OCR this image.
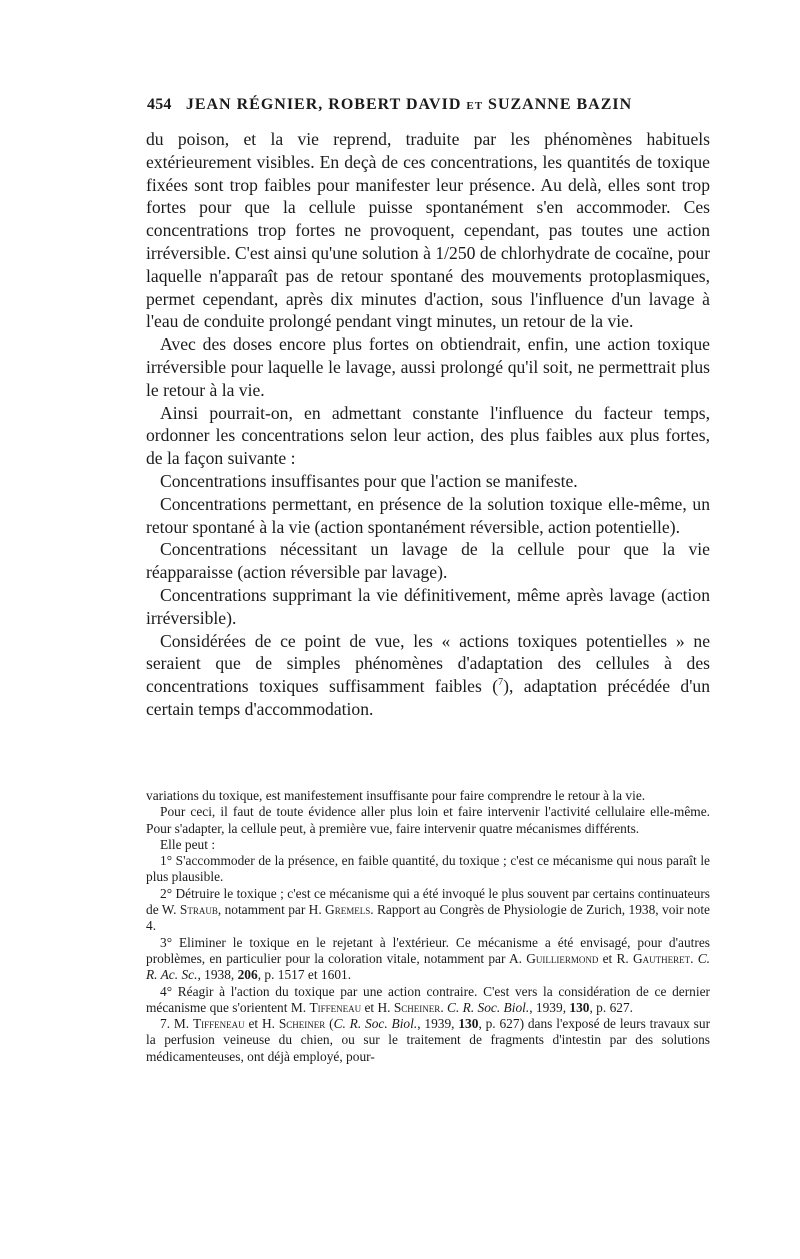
454 JEAN RÉGNIER, ROBERT DAVID et SUZANNE BAZIN

du poison, et la vie reprend, traduite par les phénomènes habituels extérieurement visibles. En deçà de ces concentrations, les quantités de toxique fixées sont trop faibles pour manifester leur présence. Au delà, elles sont trop fortes pour que la cellule puisse spontanément s'en accommoder. Ces concentrations trop fortes ne provoquent, cependant, pas toutes une action irréversible. C'est ainsi qu'une solution à 1/250 de chlorhydrate de cocaïne, pour laquelle n'apparaît pas de retour spontané des mouvements protoplasmiques, permet cependant, après dix minutes d'action, sous l'influence d'un lavage à l'eau de conduite prolongé pendant vingt minutes, un retour de la vie.

Avec des doses encore plus fortes on obtiendrait, enfin, une action toxique irréversible pour laquelle le lavage, aussi prolongé qu'il soit, ne permettrait plus le retour à la vie.

Ainsi pourrait-on, en admettant constante l'influence du facteur temps, ordonner les concentrations selon leur action, des plus faibles aux plus fortes, de la façon suivante :

Concentrations insuffisantes pour que l'action se manifeste.

Concentrations permettant, en présence de la solution toxique elle-même, un retour spontané à la vie (action spontanément réversible, action potentielle).

Concentrations nécessitant un lavage de la cellule pour que la vie réapparaisse (action réversible par lavage).

Concentrations supprimant la vie définitivement, même après lavage (action irréversible).

Considérées de ce point de vue, les « actions toxiques potentielles » ne seraient que de simples phénomènes d'adaptation des cellules à des concentrations toxiques suffisamment faibles ($^7$), adaptation précédée d'un certain temps d'accommodation.

variations du toxique, est manifestement insuffisante pour faire comprendre le retour à la vie.

Pour ceci, il faut de toute évidence aller plus loin et faire intervenir l'activité cellulaire elle-même. Pour s'adapter, la cellule peut, à première vue, faire intervenir quatre mécanismes différents.

Elle peut :

1° S'accommoder de la présence, en faible quantité, du toxique ; c'est ce mécanisme qui nous paraît le plus plausible.

2° Détruire le toxique ; c'est ce mécanisme qui a été invoqué le plus souvent par certains continuateurs de W. Straub, notamment par H. Gremels. Rapport au Congrès de Physiologie de Zurich, 1938, voir note 4.

3° Eliminer le toxique en le rejetant à l'extérieur. Ce mécanisme a été envisagé, pour d'autres problèmes, en particulier pour la coloration vitale, notamment par A. Guilliermond et R. Gautheret. C. R. Ac. Sc., 1938, 206, p. 1517 et 1601.

4° Réagir à l'action du toxique par une action contraire. C'est vers la considération de ce dernier mécanisme que s'orientent M. Tiffeneau et H. Scheiner. C. R. Soc. Biol., 1939, 130, p. 627.

7. M. Tiffeneau et H. Scheiner (C. R. Soc. Biol., 1939, 130, p. 627) dans l'exposé de leurs travaux sur la perfusion veineuse du chien, ou sur le traitement de fragments d'intestin par des solutions médicamenteuses, ont déjà employé, pour-
